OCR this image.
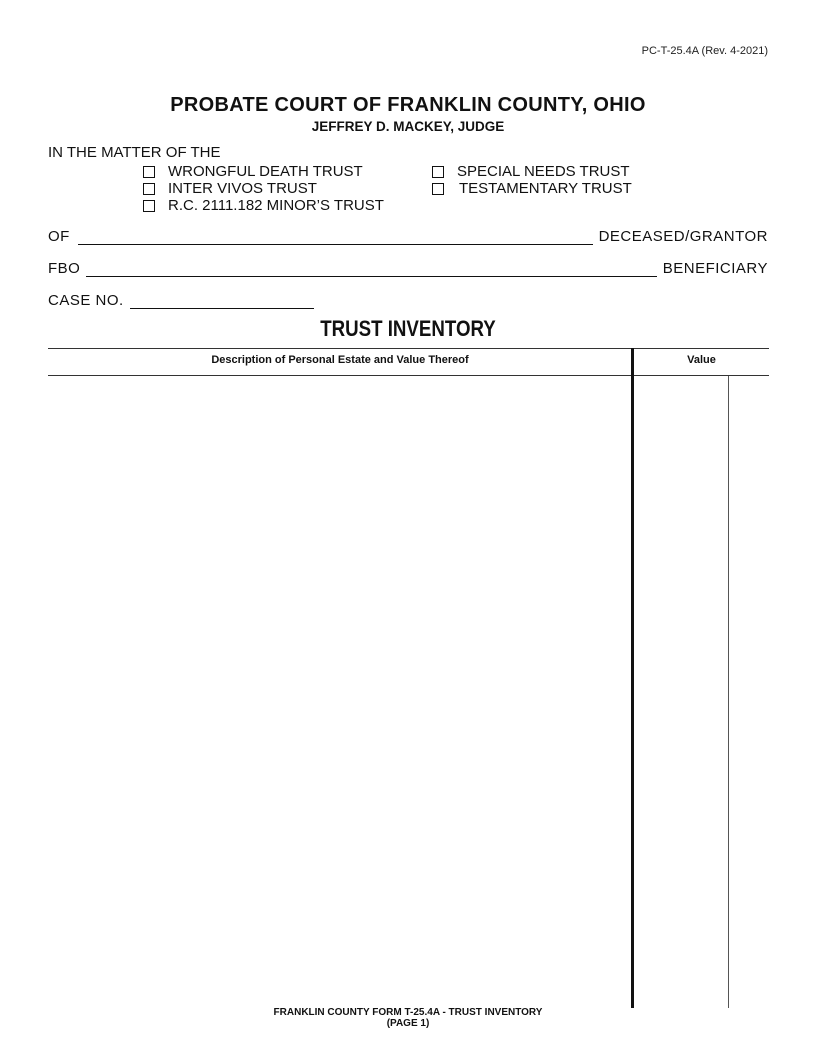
PC-T-25.4A (Rev. 4-2021)
PROBATE COURT OF FRANKLIN COUNTY, OHIO
JEFFREY D. MACKEY, JUDGE
IN THE MATTER OF THE
WRONGFUL DEATH TRUST	SPECIAL NEEDS TRUST
INTER VIVOS TRUST	TESTAMENTARY TRUST
R.C. 2111.182 MINOR’S TRUST
OF	DECEASED/GRANTOR
FBO	BENEFICIARY
CASE NO.
TRUST INVENTORY
Description of Personal Estate and Value Thereof	Value
FRANKLIN COUNTY FORM T-25.4A - TRUST INVENTORY
(PAGE 1)
